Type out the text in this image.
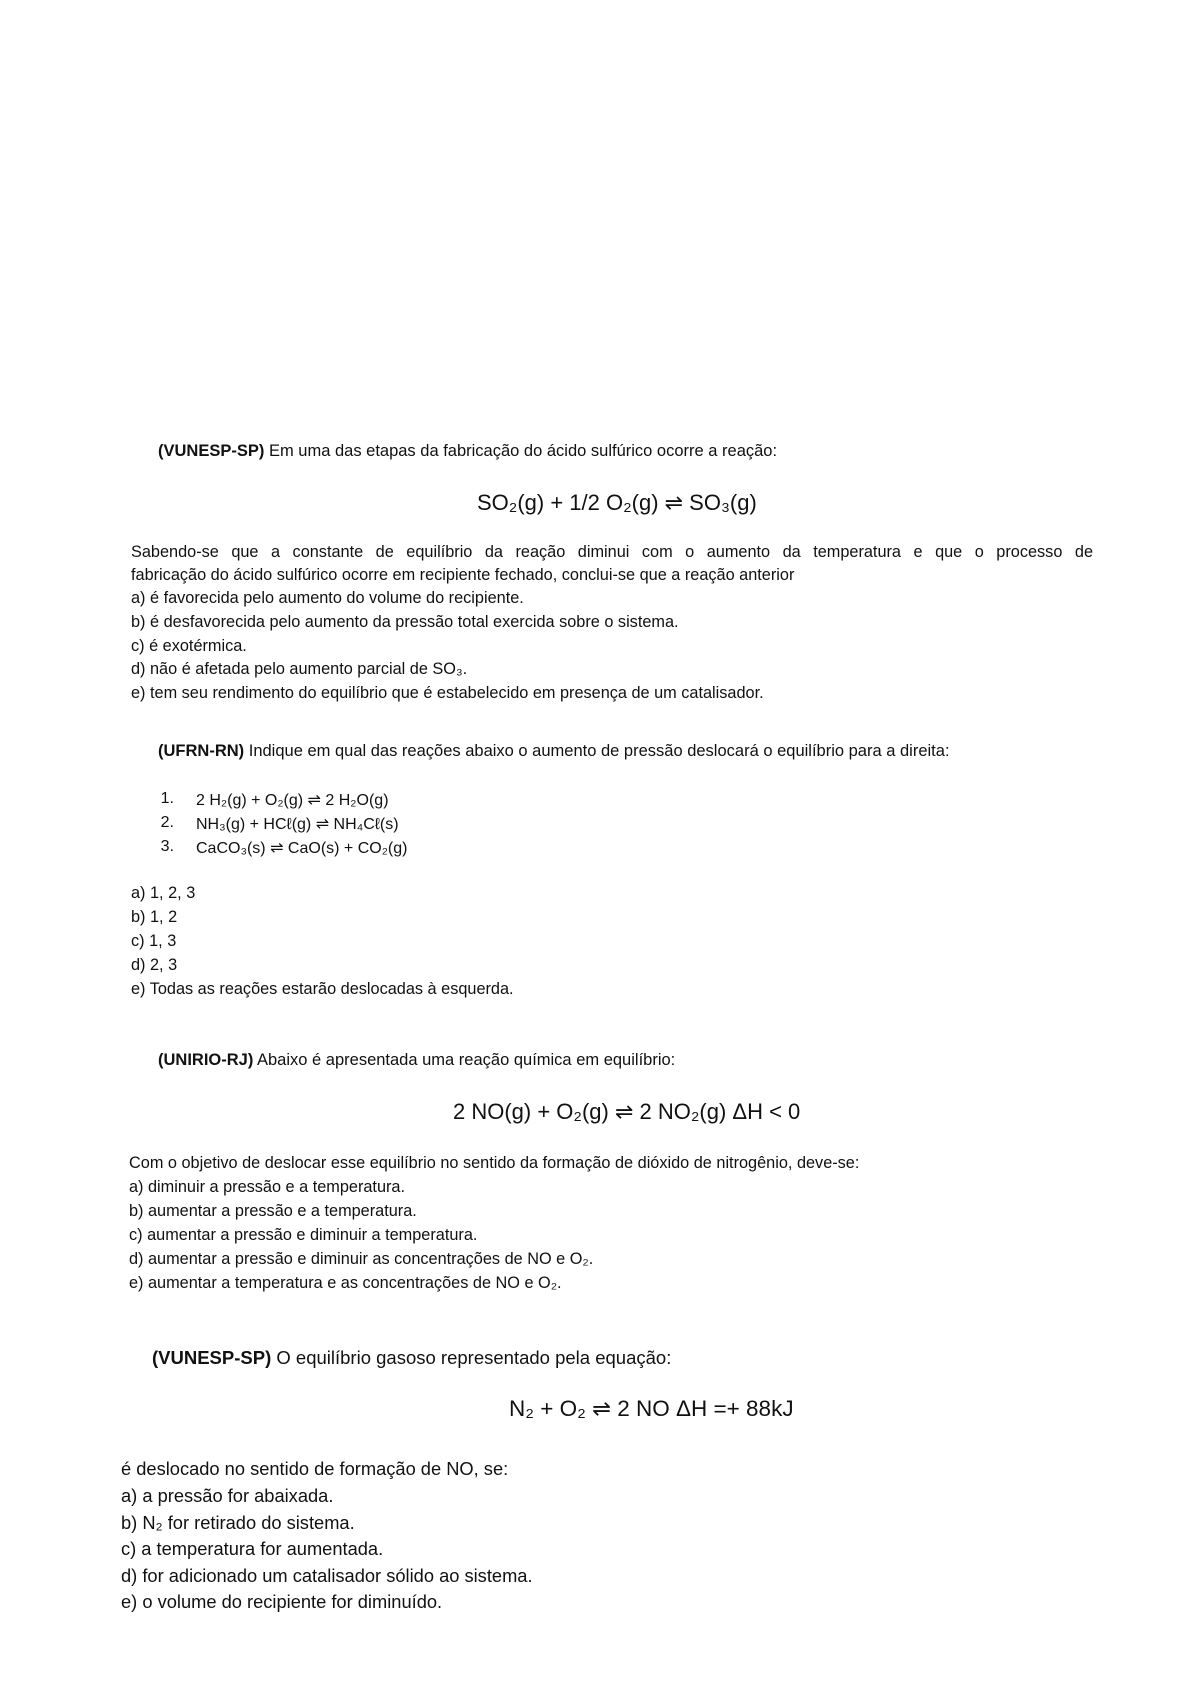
(VUNESP-SP) Em uma das etapas da fabricação do ácido sulfúrico ocorre a reação:
SO₂(g) + 1/2 O₂(g) ⇌ SO₃(g)
Sabendo-se que a constante de equilíbrio da reação diminui com o aumento da temperatura e que o processo de
fabricação do ácido sulfúrico ocorre em recipiente fechado, conclui-se que a reação anterior
a) é favorecida pelo aumento do volume do recipiente.
b) é desfavorecida pelo aumento da pressão total exercida sobre o sistema.
c) é exotérmica.
d) não é afetada pelo aumento parcial de SO₃.
e) tem seu rendimento do equilíbrio que é estabelecido em presença de um catalisador.
(UFRN-RN) Indique em qual das reações abaixo o aumento de pressão deslocará o equilíbrio para a direita:
1. 2 H₂(g) + O₂(g) ⇌ 2 H₂O(g)
2. NH₃(g) + HCℓ(g) ⇌ NH₄Cℓ(s)
3. CaCO₃(s) ⇌ CaO(s) + CO₂(g)
a) 1, 2, 3
b) 1, 2
c) 1, 3
d) 2, 3
e) Todas as reações estarão deslocadas à esquerda.
(UNIRIO-RJ) Abaixo é apresentada uma reação química em equilíbrio:
2 NO(g) + O₂(g) ⇌ 2 NO₂(g) ΔH < 0
Com o objetivo de deslocar esse equilíbrio no sentido da formação de dióxido de nitrogênio, deve-se:
a) diminuir a pressão e a temperatura.
b) aumentar a pressão e a temperatura.
c) aumentar a pressão e diminuir a temperatura.
d) aumentar a pressão e diminuir as concentrações de NO e O₂.
e) aumentar a temperatura e as concentrações de NO e O₂.
(VUNESP-SP) O equilíbrio gasoso representado pela equação:
N₂ + O₂ ⇌ 2 NO ΔH =+ 88kJ
é deslocado no sentido de formação de NO, se:
a) a pressão for abaixada.
b) N₂ for retirado do sistema.
c) a temperatura for aumentada.
d) for adicionado um catalisador sólido ao sistema.
e) o volume do recipiente for diminuído.
